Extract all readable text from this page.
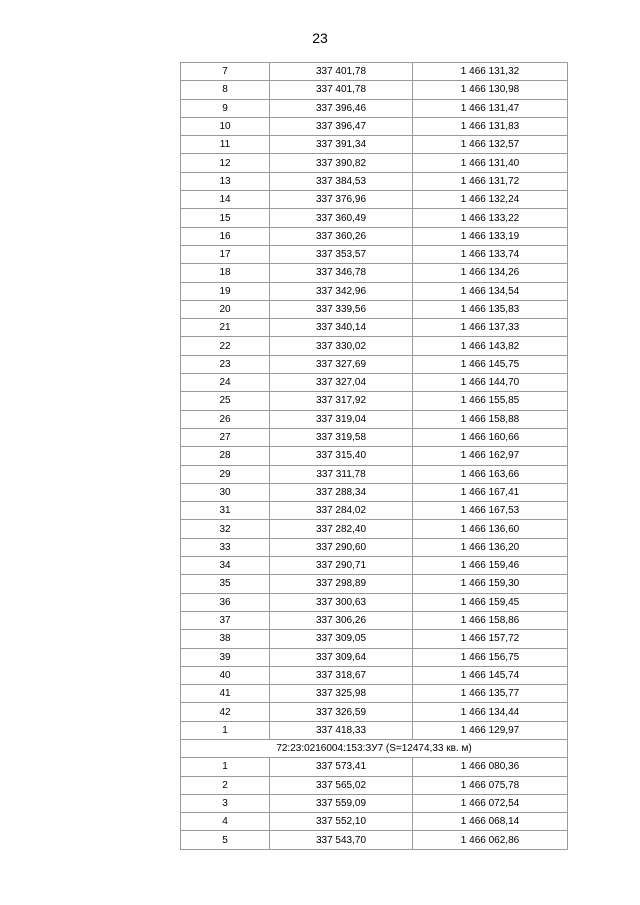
23
7	337 401,78	1 466 131,32
8	337 401,78	1 466 130,98
9	337 396,46	1 466 131,47
10	337 396,47	1 466 131,83
11	337 391,34	1 466 132,57
12	337 390,82	1 466 131,40
13	337 384,53	1 466 131,72
14	337 376,96	1 466 132,24
15	337 360,49	1 466 133,22
16	337 360,26	1 466 133,19
17	337 353,57	1 466 133,74
18	337 346,78	1 466 134,26
19	337 342,96	1 466 134,54
20	337 339,56	1 466 135,83
21	337 340,14	1 466 137,33
22	337 330,02	1 466 143,82
23	337 327,69	1 466 145,75
24	337 327,04	1 466 144,70
25	337 317,92	1 466 155,85
26	337 319,04	1 466 158,88
27	337 319,58	1 466 160,66
28	337 315,40	1 466 162,97
29	337 311,78	1 466 163,66
30	337 288,34	1 466 167,41
31	337 284,02	1 466 167,53
32	337 282,40	1 466 136,60
33	337 290,60	1 466 136,20
34	337 290,71	1 466 159,46
35	337 298,89	1 466 159,30
36	337 300,63	1 466 159,45
37	337 306,26	1 466 158,86
38	337 309,05	1 466 157,72
39	337 309,64	1 466 156,75
40	337 318,67	1 466 145,74
41	337 325,98	1 466 135,77
42	337 326,59	1 466 134,44
1	337 418,33	1 466 129,97
72:23:0216004:153:ЗУ7 (S=12474,33 кв. м)		
1	337 573,41	1 466 080,36
2	337 565,02	1 466 075,78
3	337 559,09	1 466 072,54
4	337 552,10	1 466 068,14
5	337 543,70	1 466 062,86
